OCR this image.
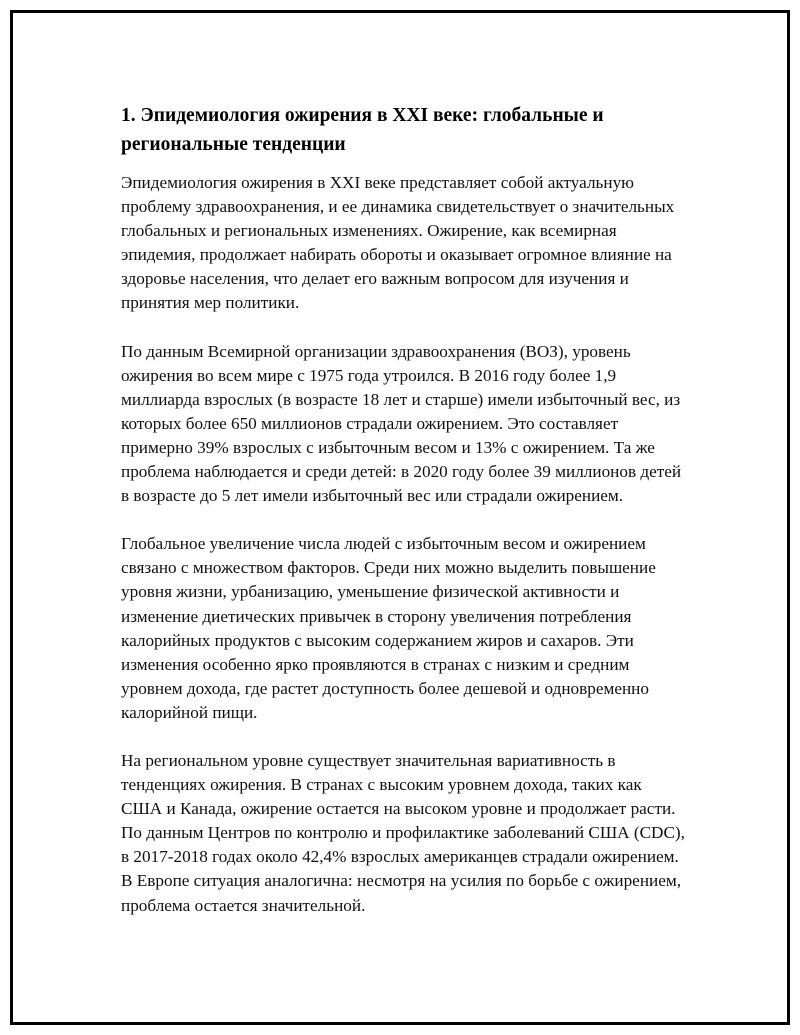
1. Эпидемиология ожирения в XXI веке: глобальные и региональные тенденции

Эпидемиология ожирения в XXI веке представляет собой актуальную проблему здравоохранения, и ее динамика свидетельствует о значительных глобальных и региональных изменениях. Ожирение, как всемирная эпидемия, продолжает набирать обороты и оказывает огромное влияние на здоровье населения, что делает его важным вопросом для изучения и принятия мер политики.

По данным Всемирной организации здравоохранения (ВОЗ), уровень ожирения во всем мире с 1975 года утроился. В 2016 году более 1,9 миллиарда взрослых (в возрасте 18 лет и старше) имели избыточный вес, из которых более 650 миллионов страдали ожирением. Это составляет примерно 39% взрослых с избыточным весом и 13% с ожирением. Та же проблема наблюдается и среди детей: в 2020 году более 39 миллионов детей в возрасте до 5 лет имели избыточный вес или страдали ожирением.

Глобальное увеличение числа людей с избыточным весом и ожирением связано с множеством факторов. Среди них можно выделить повышение уровня жизни, урбанизацию, уменьшение физической активности и изменение диетических привычек в сторону увеличения потребления калорийных продуктов с высоким содержанием жиров и сахаров. Эти изменения особенно ярко проявляются в странах с низким и средним уровнем дохода, где растет доступность более дешевой и одновременно калорийной пищи.

На региональном уровне существует значительная вариативность в тенденциях ожирения. В странах с высоким уровнем дохода, таких как США и Канада, ожирение остается на высоком уровне и продолжает расти. По данным Центров по контролю и профилактике заболеваний США (CDC), в 2017-2018 годах около 42,4% взрослых американцев страдали ожирением. В Европе ситуация аналогична: несмотря на усилия по борьбе с ожирением, проблема остается значительной.
